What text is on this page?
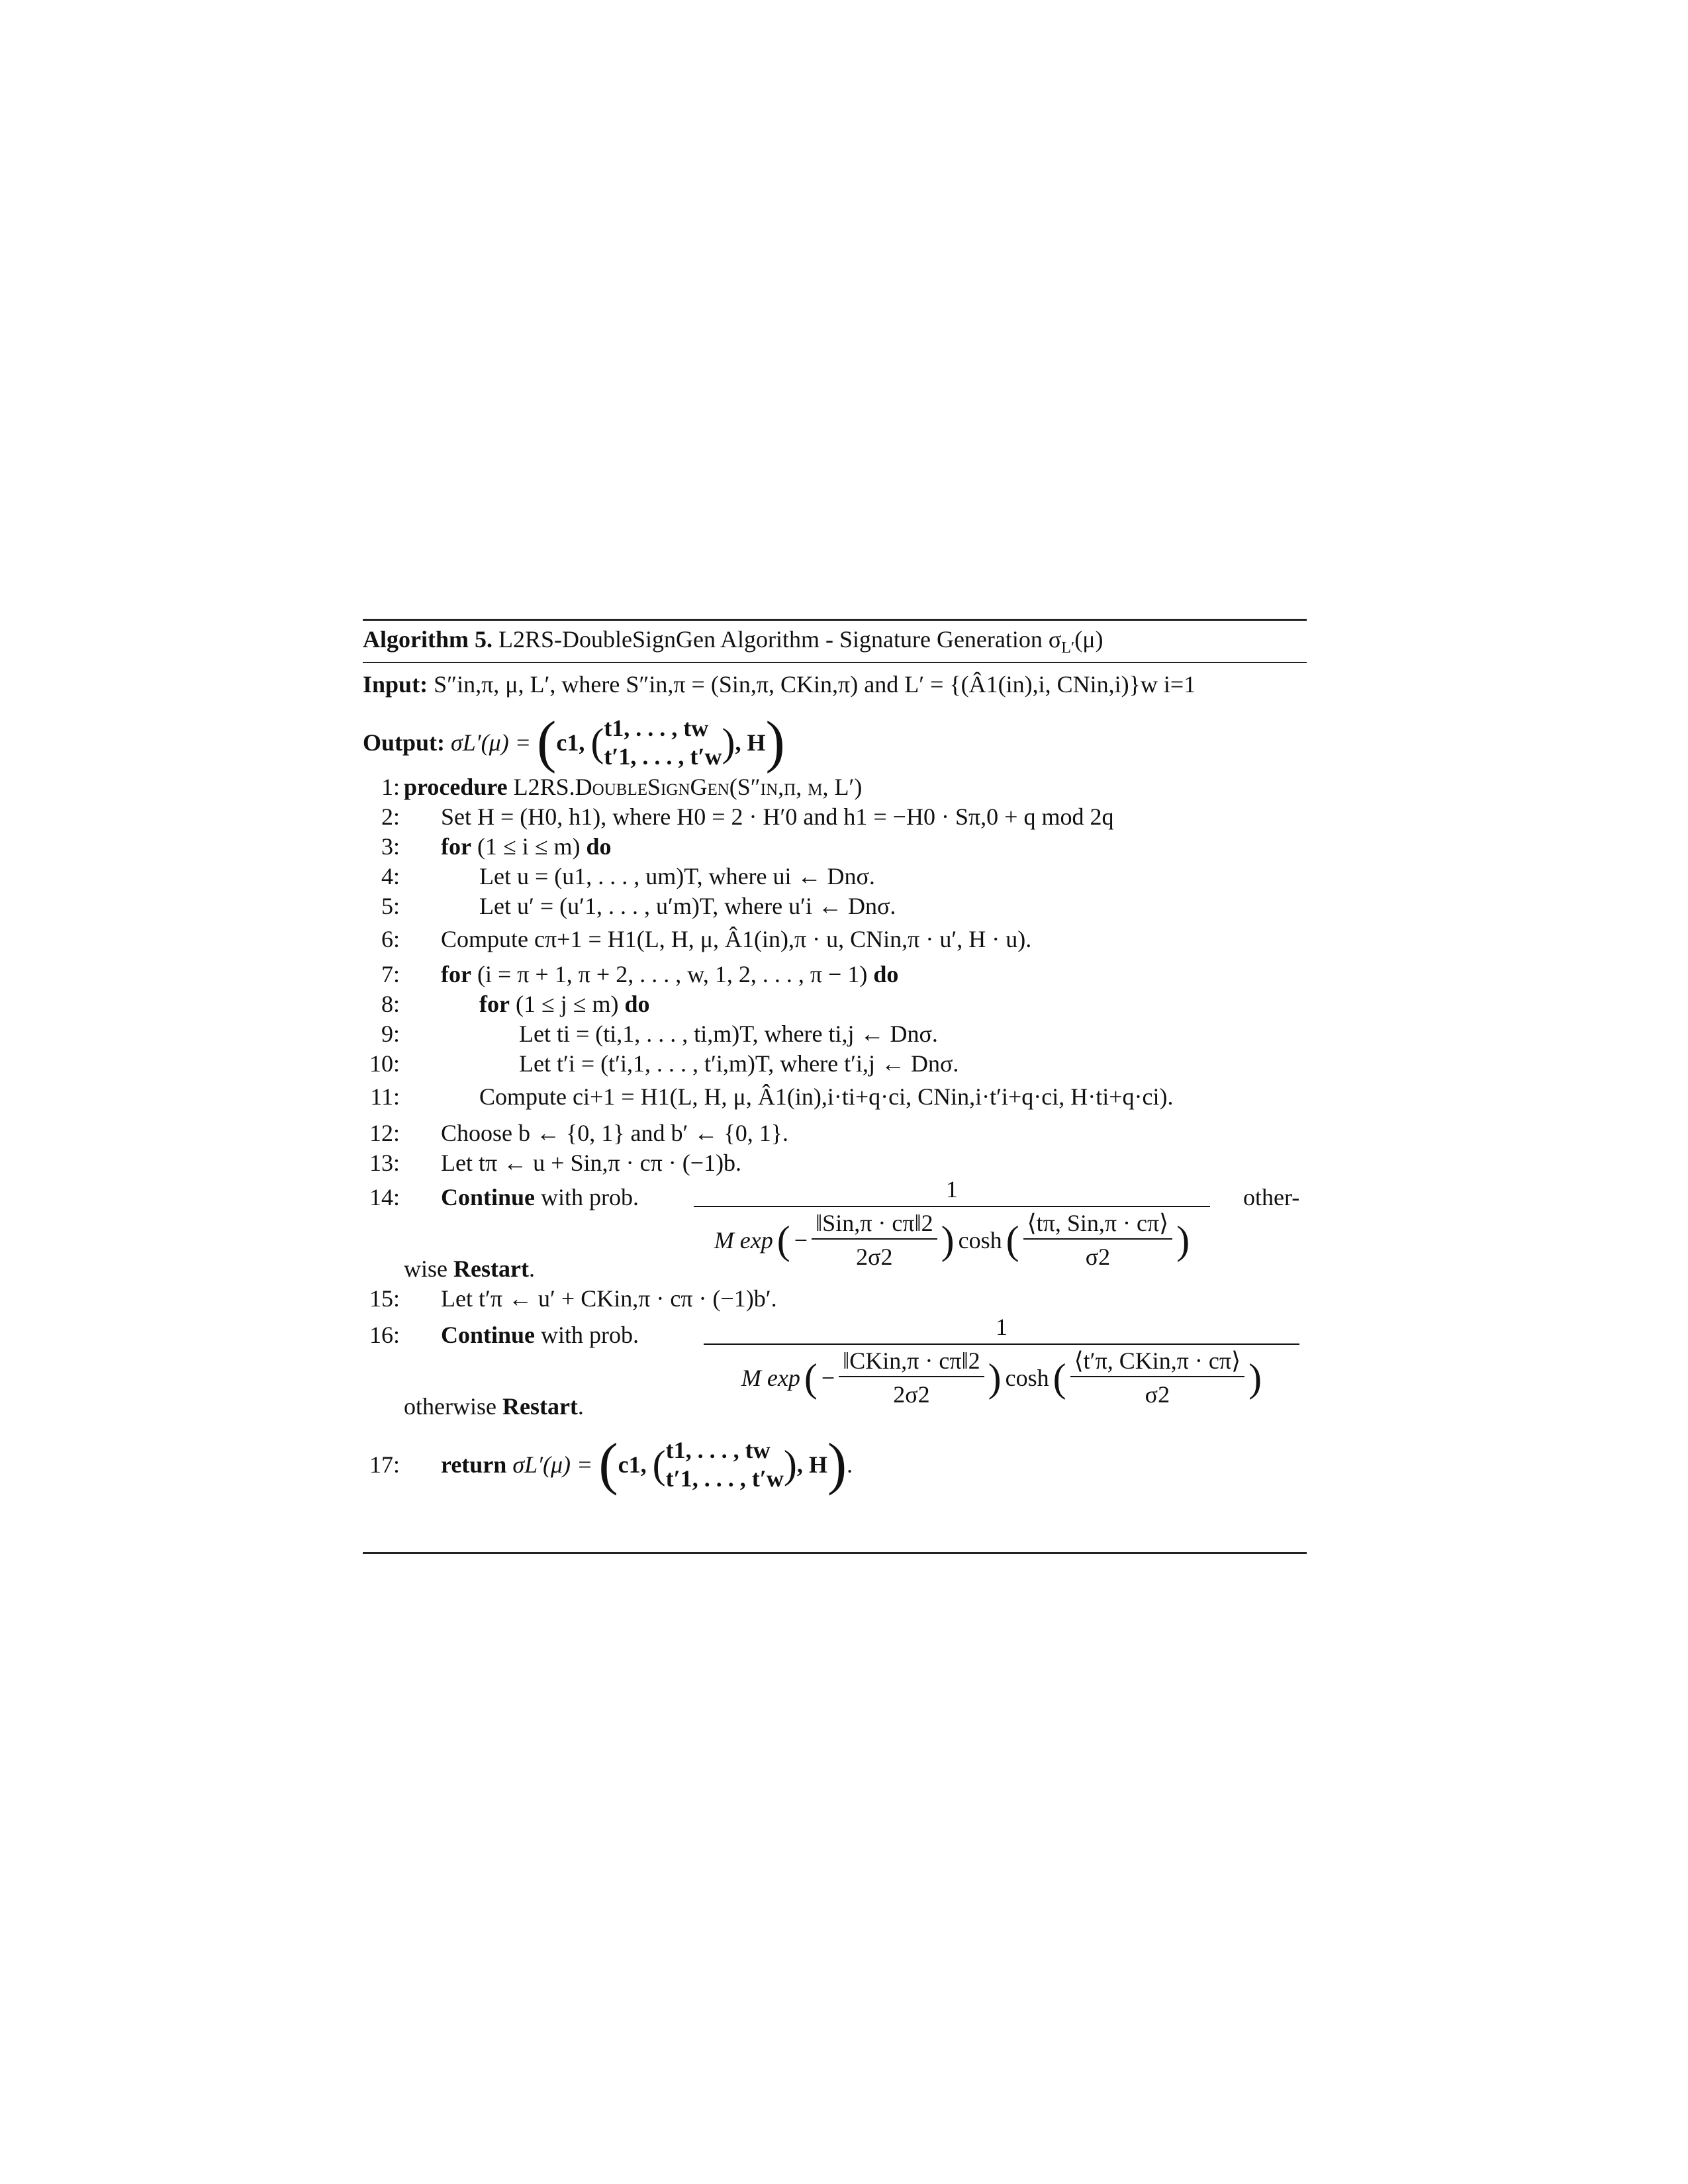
Algorithm 5. L2RS-DoubleSignGen Algorithm - Signature Generation $\sigma_{L'}(\mu)$
Input: S″in,π, μ, L′, where S″in,π = (Sin,π, CKin,π) and L′ = {(Â1(in),i, CNin,i)}w i=1
Output:
σL′(μ) =
( c1,
( t1, . . . , tw
t′1, . . . , t′w ) , H )
1: procedure L2RS.DoubleSignGen(S″in,π, μ, L′)
2: Set H = (H0, h1), where H0 = 2 · H′0 and h1 = −H0 · Sπ,0 + q mod 2q
3: for (1 ≤ i ≤ m) do
4:	Let u = (u1, . . . , um)T, where ui ← Dnσ.
5:	Let u′ = (u′1, . . . , u′m)T, where u′i ← Dnσ.
6: Compute cπ+1 = H1(L, H, μ, Â1(in),π · u, CNin,π · u′, H · u).
7: for (i = π + 1, π + 2, . . . , w, 1, 2, . . . , π − 1) do
8:	for (1 ≤ j ≤ m) do
9:	Let ti = (ti,1, . . . , ti,m)T, where ti,j ← Dnσ.
10:	Let t′i = (t′i,1, . . . , t′i,m)T, where t′i,j ← Dnσ.
11:	Compute ci+1 = H1(L, H, μ, Â1(in),i·ti+q·ci, CNin,i·t′i+q·ci, H·ti+q·ci).
12: Choose b ← {0, 1} and b′ ← {0, 1}.
13: Let tπ ← u + Sin,π · cπ · (−1)b.
14: Continue with prob.	1
M exp ( − $\frac{\text{‖Sin,π · cπ‖2}}{2\sigma 2}$ ) cosh ( $\frac{\text{⟨tπ, Sin,π · cπ⟩}}{\sigma 2}$ )
other-
wise Restart.
15: Let t′π ← u′ + CKin,π · cπ · (−1)b′.
16: Continue with prob.	1
M exp ( − $\frac{\text{‖CKin,π · cπ‖2}}{2\sigma 2}$ ) cosh ( $\frac{\text{⟨t′π, CKin,π · cπ⟩}}{\sigma 2}$ )
otherwise Restart.
17: return
σL′(μ) =
( c1,
( t1, . . . , tw
t′1, . . . , t′w ) , H ) .
